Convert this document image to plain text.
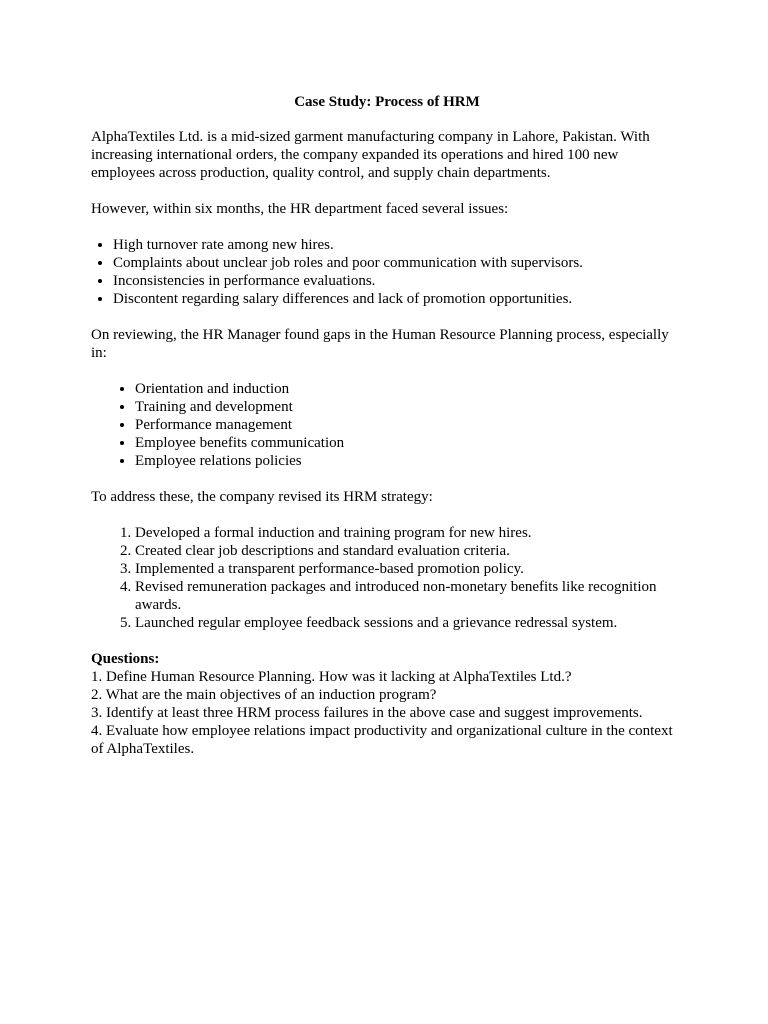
Case Study: Process of HRM

AlphaTextiles Ltd. is a mid-sized garment manufacturing company in Lahore, Pakistan. With increasing international orders, the company expanded its operations and hired 100 new employees across production, quality control, and supply chain departments.

However, within six months, the HR department faced several issues:

• High turnover rate among new hires.
• Complaints about unclear job roles and poor communication with supervisors.
• Inconsistencies in performance evaluations.
• Discontent regarding salary differences and lack of promotion opportunities.

On reviewing, the HR Manager found gaps in the Human Resource Planning process, especially in:

• Orientation and induction
• Training and development
• Performance management
• Employee benefits communication
• Employee relations policies

To address these, the company revised its HRM strategy:

1. Developed a formal induction and training program for new hires.
2. Created clear job descriptions and standard evaluation criteria.
3. Implemented a transparent performance-based promotion policy.
4. Revised remuneration packages and introduced non-monetary benefits like recognition awards.
5. Launched regular employee feedback sessions and a grievance redressal system.
Questions:
1. Define Human Resource Planning. How was it lacking at AlphaTextiles Ltd.?
2. What are the main objectives of an induction program?
3. Identify at least three HRM process failures in the above case and suggest improvements.
4. Evaluate how employee relations impact productivity and organizational culture in the context of AlphaTextiles.
